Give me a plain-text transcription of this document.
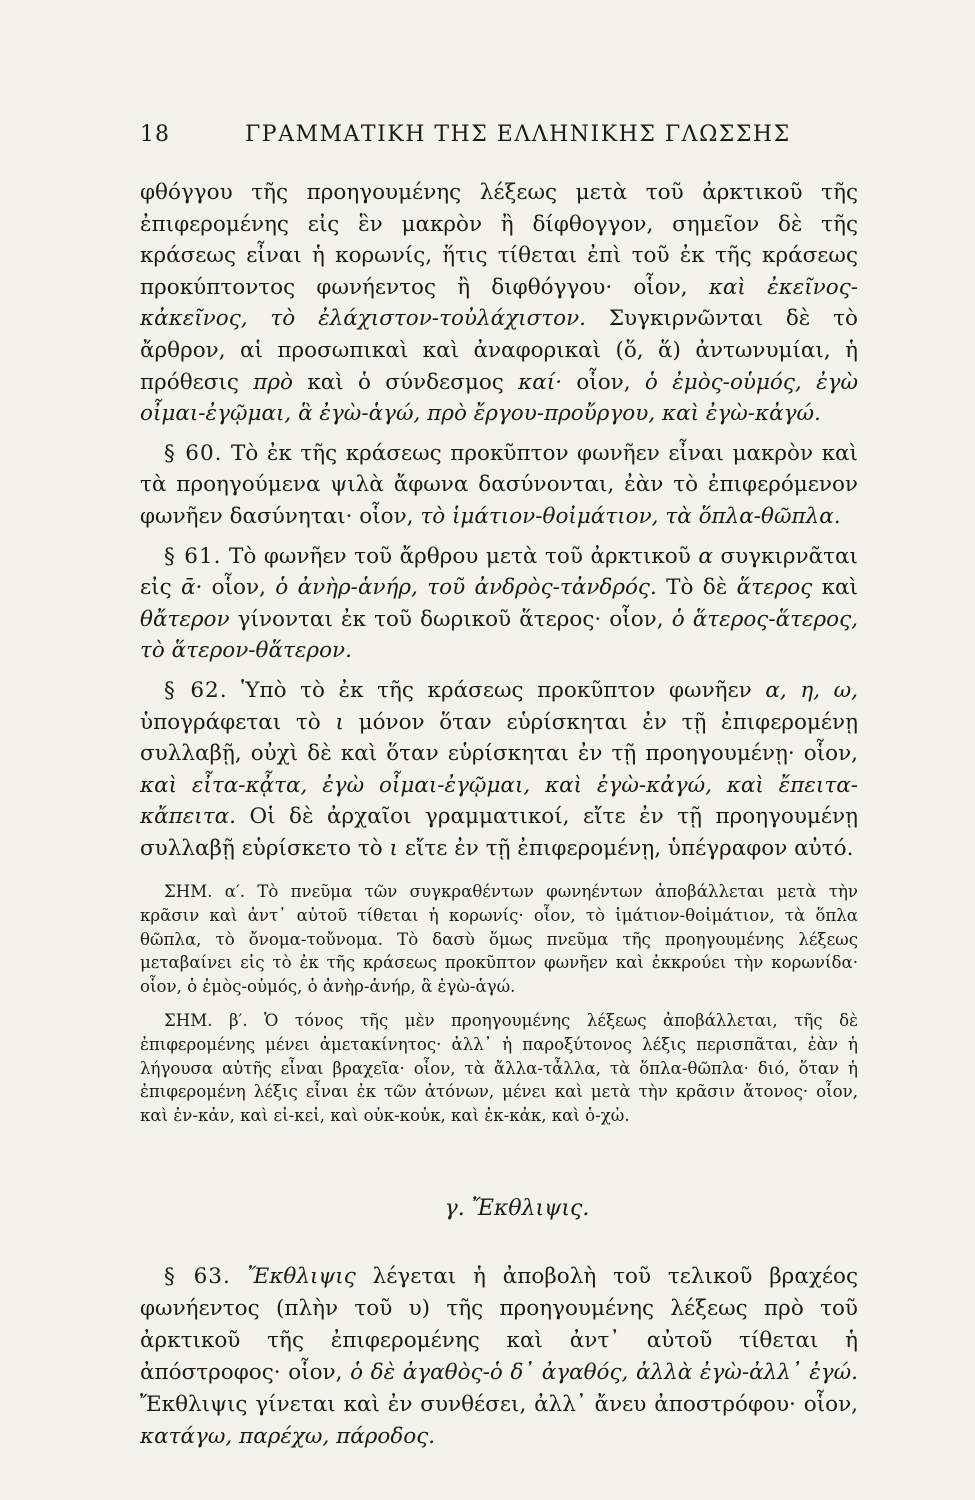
18	ΓΡΑΜΜΑΤΙΚΗ ΤΗΣ ΕΛΛΗΝΙΚΗΣ ΓΛΩΣΣΗΣ

φθόγγου τῆς προηγουμένης λέξεως μετὰ τοῦ ἀρκτικοῦ τῆς ἐπιφερομένης εἰς ἓν μακρὸν ἢ δίφθογγον, σημεῖον δὲ τῆς κράσεως εἶναι ἡ κορωνίς, ἥτις τίθεται ἐπὶ τοῦ ἐκ τῆς κράσεως προκύπτοντος φωνήεντος ἢ διφθόγγου· οἷον, καὶ ἐκεῖνος-κἀκεῖνος, τὸ ἐλάχιστον-τοὐλάχιστον. Συγκιρνῶνται δὲ τὸ ἄρθρον, αἱ προσωπικαὶ καὶ ἀναφορικαὶ (ὅ, ἅ) ἀντωνυμίαι, ἡ πρόθεσις πρὸ καὶ ὁ σύνδεσμος καί· οἷον, ὁ ἐμὸς-οὑμός, ἐγὼ οἶμαι-ἐγῷμαι, ἃ ἐγὼ-ἁγώ, πρὸ ἔργου-προὔργου, καὶ ἐγὼ-κἀγώ.

§ 60. Τὸ ἐκ τῆς κράσεως προκῦπτον φωνῆεν εἶναι μακρὸν καὶ τὰ προηγούμενα ψιλὰ ἄφωνα δασύνονται, ἐὰν τὸ ἐπιφερόμενον φωνῆεν δασύνηται· οἷον, τὸ ἱμάτιον-θοἰμάτιον, τὰ ὅπλα-θῶπλα.

§ 61. Τὸ φωνῆεν τοῦ ἄρθρου μετὰ τοῦ ἀρκτικοῦ α συγκιρνᾶται εἰς ᾱ· οἷον, ὁ ἀνὴρ-ἁνήρ, τοῦ ἀνδρὸς-τἀνδρός. Τὸ δὲ ἅτερος καὶ θἄτερον γίνονται ἐκ τοῦ δωρικοῦ ἅτερος· οἷον, ὁ ἅτερος-ἅτερος, τὸ ἅτερον-θἅτερον.

§ 62. Ὑπὸ τὸ ἐκ τῆς κράσεως προκῦπτον φωνῆεν α, η, ω, ὑπογράφεται τὸ ι μόνον ὅταν εὑρίσκηται ἐν τῇ ἐπιφερομένῃ συλλαβῇ, οὐχὶ δὲ καὶ ὅταν εὑρίσκηται ἐν τῇ προηγουμένῃ· οἷον, καὶ εἶτα-κᾆτα, ἐγὼ οἶμαι-ἐγῷμαι, καὶ ἐγὼ-κἀγώ, καὶ ἔπειτα-κἄπειτα. Οἱ δὲ ἀρχαῖοι γραμματικοί, εἴτε ἐν τῇ προηγουμένῃ συλλαβῇ εὑρίσκετο τὸ ι εἴτε ἐν τῇ ἐπιφερομένῃ, ὑπέγραφον αὐτό.

ΣΗΜ. α′. Τὸ πνεῦμα τῶν συγκραθέντων φωνηέντων ἀποβάλλεται μετὰ τὴν κρᾶσιν καὶ ἀντ᾽ αὐτοῦ τίθεται ἡ κορωνίς· οἷον, τὸ ἱμάτιον-θοἰμάτιον, τὰ ὅπλα θῶπλα, τὸ ὄνομα-τοὔνομα. Τὸ δασὺ ὅμως πνεῦμα τῆς προηγουμένης λέξεως μεταβαίνει εἰς τὸ ἐκ τῆς κράσεως προκῦπτον φωνῆεν καὶ ἐκκρούει τὴν κορωνίδα· οἷον, ὁ ἐμὸς-οὑμός, ὁ ἀνὴρ-ἁνήρ, ἃ ἐγὼ-ἁγώ.

ΣΗΜ. β′. Ὁ τόνος τῆς μὲν προηγουμένης λέξεως ἀποβάλλεται, τῆς δὲ ἐπιφερομένης μένει ἀμετακίνητος· ἀλλ᾽ ἡ παροξύτονος λέξις περισπᾶται, ἐὰν ἡ λήγουσα αὐτῆς εἶναι βραχεῖα· οἷον, τὰ ἄλλα-τἆλλα, τὰ ὅπλα-θῶπλα· διό, ὅταν ἡ ἐπιφερομένη λέξις εἶναι ἐκ τῶν ἀτόνων, μένει καὶ μετὰ τὴν κρᾶσιν ἄτονος· οἷον, καὶ ἐν-κἀν, καὶ εἰ-κεἰ, καὶ οὐκ-κοὐκ, καὶ ἐκ-κἀκ, καὶ ὁ-χὠ.

γ. Ἔκθλιψις.

§ 63. Ἔκθλιψις λέγεται ἡ ἀποβολὴ τοῦ τελικοῦ βραχέος φωνήεντος (πλὴν τοῦ υ) τῆς προηγουμένης λέξεως πρὸ τοῦ ἀρκτικοῦ τῆς ἐπιφερομένης καὶ ἀντ᾽ αὐτοῦ τίθεται ἡ ἀπόστροφος· οἷον, ὁ δὲ ἀγαθὸς-ὁ δ᾽ ἀγαθός, ἀλλὰ ἐγὼ-ἀλλ᾽ ἐγώ. Ἔκθλιψις γίνεται καὶ ἐν συνθέσει, ἀλλ᾽ ἄνευ ἀποστρόφου· οἷον, κατάγω, παρέχω, πάροδος.
